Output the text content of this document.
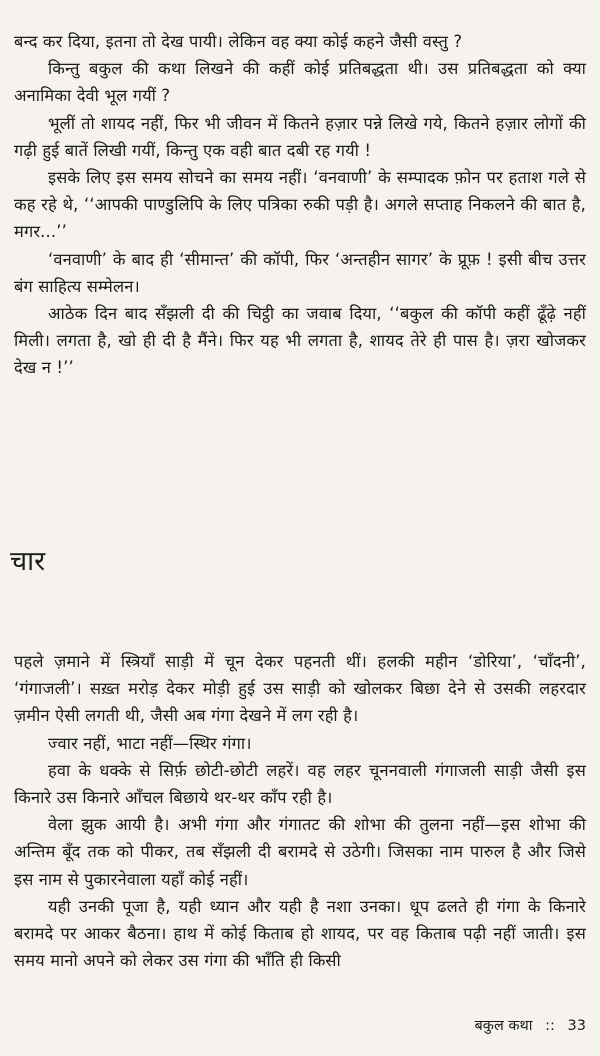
बन्द कर दिया, इतना तो देख पायी। लेकिन वह क्या कोई कहने जैसी वस्तु ?

किन्तु बकुल की कथा लिखने की कहीं कोई प्रतिबद्धता थी। उस प्रतिबद्धता को क्या अनामिका देवी भूल गयीं ?

भूलीं तो शायद नहीं, फिर भी जीवन में कितने हज़ार पन्ने लिखे गये, कितने हज़ार लोगों की गढ़ी हुई बातें लिखी गयीं, किन्तु एक वही बात दबी रह गयी !

इसके लिए इस समय सोचने का समय नहीं। ‘वनवाणी’ के सम्पादक फ़ोन पर हताश गले से कह रहे थे, ‘‘आपकी पाण्डुलिपि के लिए पत्रिका रुकी पड़ी है। अगले सप्ताह निकलने की बात है, मगर...’’

‘वनवाणी’ के बाद ही ‘सीमान्त’ की कॉपी, फिर ‘अन्तहीन सागर’ के प्रूफ़ ! इसी बीच उत्तर बंग साहित्य सम्मेलन।

आठेक दिन बाद सँझली दी की चिट्ठी का जवाब दिया, ‘‘बकुल की कॉपी कहीं ढूँढ़े नहीं मिली। लगता है, खो ही दी है मैंने। फिर यह भी लगता है, शायद तेरे ही पास है। ज़रा खोजकर देख न !’’

चार

पहले ज़माने में स्त्रियाँ साड़ी में चून देकर पहनती थीं। हलकी महीन ‘डोरिया’, ‘चाँदनी’, ‘गंगाजली’। सख़्त मरोड़ देकर मोड़ी हुई उस साड़ी को खोलकर बिछा देने से उसकी लहरदार ज़मीन ऐसी लगती थी, जैसी अब गंगा देखने में लग रही है।

ज्वार नहीं, भाटा नहीं—स्थिर गंगा।

हवा के धक्के से सिर्फ़ छोटी-छोटी लहरें। वह लहर चूननवाली गंगाजली साड़ी जैसी इस किनारे उस किनारे आँचल बिछाये थर-थर काँप रही है।

वेला झुक आयी है। अभी गंगा और गंगातट की शोभा की तुलना नहीं—इस शोभा की अन्तिम बूँद तक को पीकर, तब सँझली दी बरामदे से उठेगी। जिसका नाम पारुल है और जिसे इस नाम से पुकारनेवाला यहाँ कोई नहीं।

यही उनकी पूजा है, यही ध्यान और यही है नशा उनका। धूप ढलते ही गंगा के किनारे बरामदे पर आकर बैठना। हाथ में कोई किताब हो शायद, पर वह किताब पढ़ी नहीं जाती। इस समय मानो अपने को लेकर उस गंगा की भाँति ही किसी

बकुल कथा :: 33
